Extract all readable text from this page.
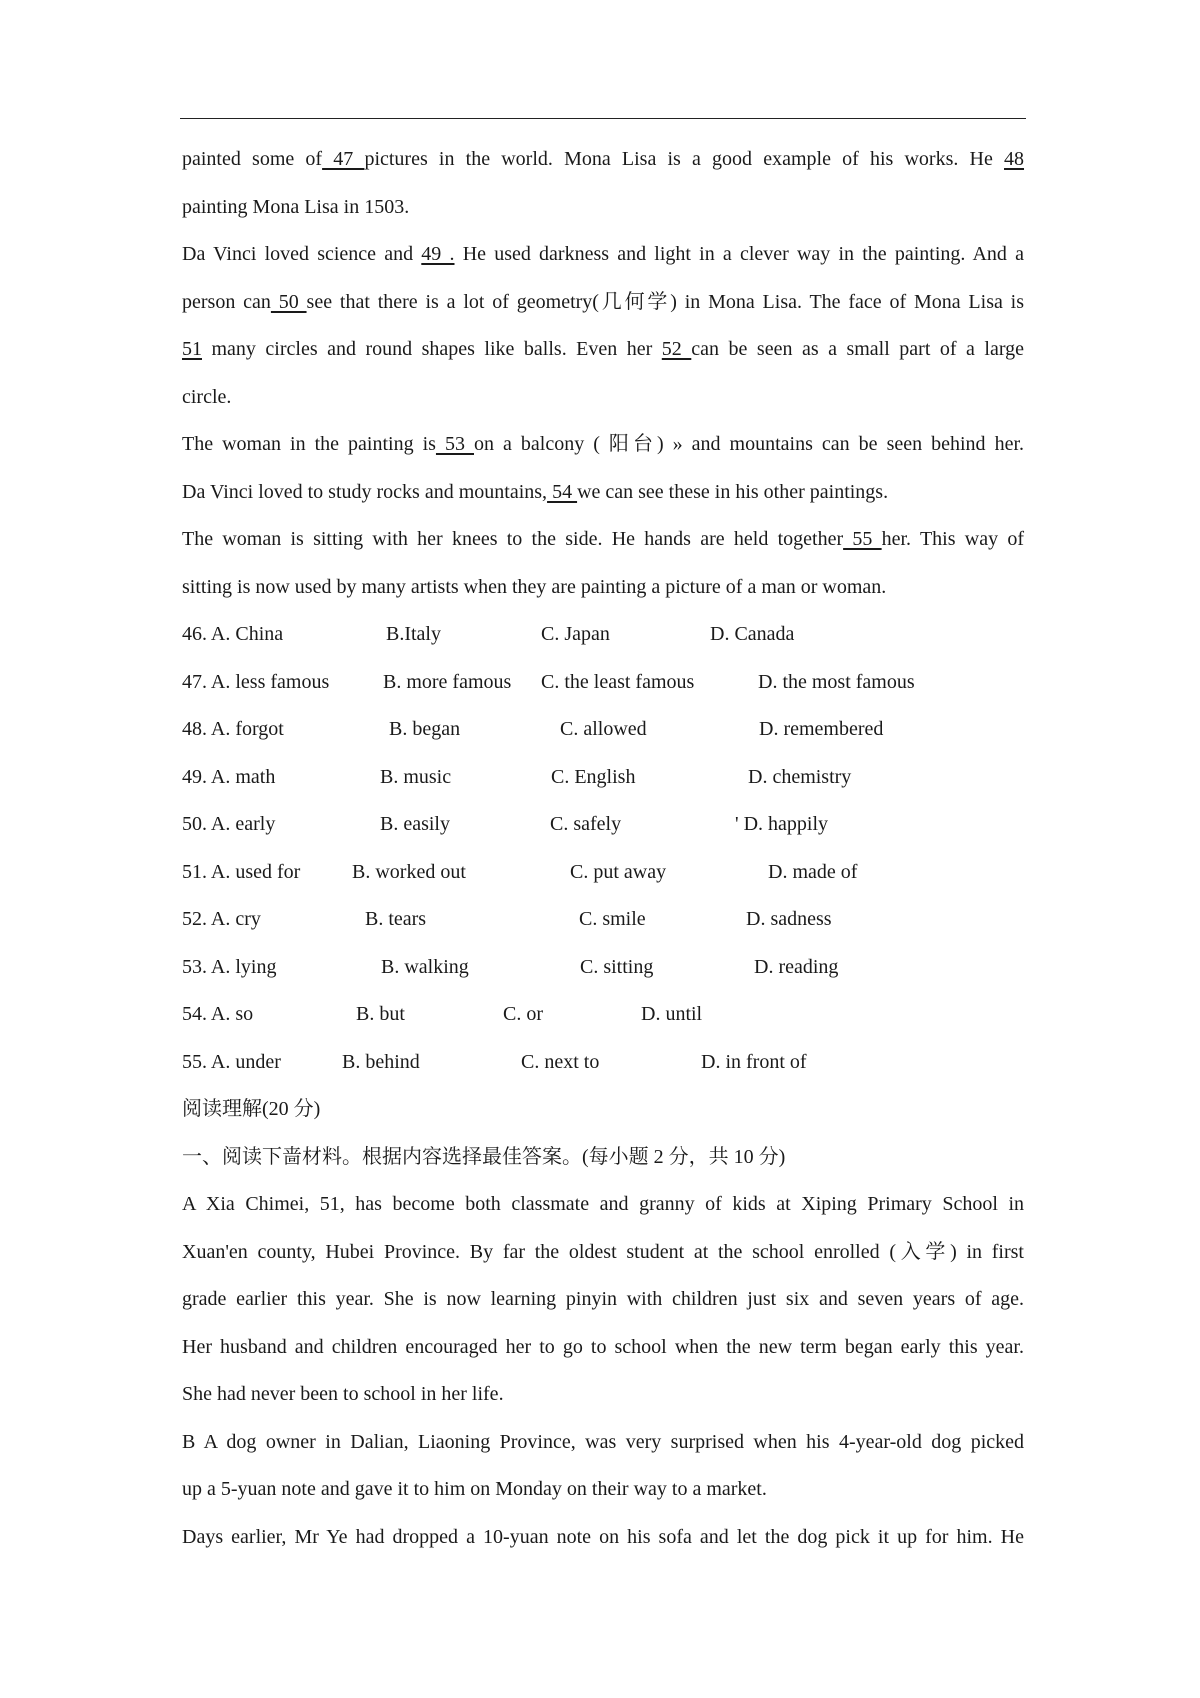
painted some of 47 pictures in the world. Mona Lisa is a good example of his works. He 48
painting Mona Lisa in 1503.
Da Vinci loved science and 49 . He used darkness and light in a clever way in the painting. And a
person can 50 see that there is a lot of geometry(几何学) in Mona Lisa. The face of Mona Lisa is
51 many circles and round shapes like balls. Even her 52 can be seen as a small part of a large
circle.
The woman in the painting is 53 on a balcony ( 阳台) » and mountains can be seen behind her.
Da Vinci loved to study rocks and mountains, 54 we can see these in his other paintings.
The woman is sitting with her knees to the side. He hands are held together 55 her. This way of
sitting is now used by many artists when they are painting a picture of a man or woman.
46. A. China	B.Italy	C. Japan	D. Canada
47. A. less famous	B. more famous C. the least famous	D. the most famous
48. A. forgot	B. began	C. allowed	D. remembered
49. A. math	B. music	C. English	D. chemistry
50. A. early	B. easily	C. safely	' D. happily
51. A. used for	B. worked out	C. put away	D. made of
52. A. cry	B. tears	C. smile	D. sadness
53. A. lying	B. walking	C. sitting	D. reading
54. A. so	B. but	C. or	D. until
55. A. under	B. behind	C. next to	D. in front of
阅读理解(20 分)
一、阅读下啬材料。根据内容选择最佳答案。(每小题 2 分，共 10 分)
A Xia Chimei, 51, has become both classmate and granny of kids at Xiping Primary School in
Xuan'en county, Hubei Province. By far the oldest student at the school enrolled (入学) in first
grade earlier this year. She is now learning pinyin with children just six and seven years of age.
Her husband and children encouraged her to go to school when the new term began early this year.
She had never been to school in her life.
B A dog owner in Dalian, Liaoning Province, was very surprised when his 4-year-old dog picked
up a 5-yuan note and gave it to him on Monday on their way to a market.
Days earlier, Mr Ye had dropped a 10-yuan note on his sofa and let the dog pick it up for him. He
